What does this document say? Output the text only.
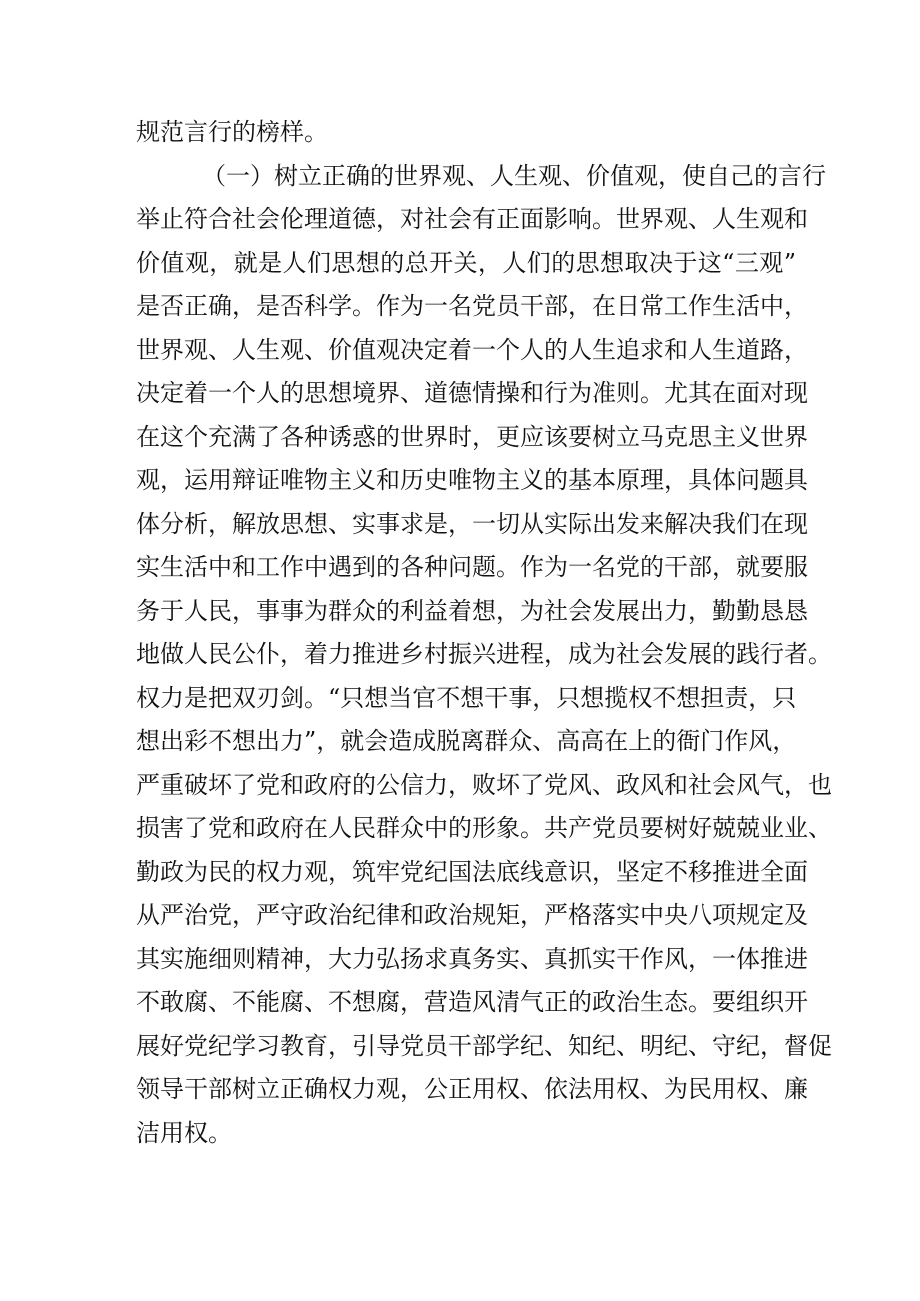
规范言行的榜样。
（一）树立正确的世界观、人生观、价值观，使自己的言行
举止符合社会伦理道德，对社会有正面影响。世界观、人生观和
价值观，就是人们思想的总开关，人们的思想取决于这“三观”
是否正确，是否科学。作为一名党员干部，在日常工作生活中，
世界观、人生观、价值观决定着一个人的人生追求和人生道路，
决定着一个人的思想境界、道德情操和行为准则。尤其在面对现
在这个充满了各种诱惑的世界时，更应该要树立马克思主义世界
观，运用辩证唯物主义和历史唯物主义的基本原理，具体问题具
体分析，解放思想、实事求是，一切从实际出发来解决我们在现
实生活中和工作中遇到的各种问题。作为一名党的干部，就要服
务于人民，事事为群众的利益着想，为社会发展出力，勤勤恳恳
地做人民公仆，着力推进乡村振兴进程，成为社会发展的践行者。
权力是把双刃剑。“只想当官不想干事，只想揽权不想担责，只
想出彩不想出力”，就会造成脱离群众、高高在上的衙门作风，
严重破坏了党和政府的公信力，败坏了党风、政风和社会风气，也
损害了党和政府在人民群众中的形象。共产党员要树好兢兢业业、
勤政为民的权力观，筑牢党纪国法底线意识，坚定不移推进全面
从严治党，严守政治纪律和政治规矩，严格落实中央八项规定及
其实施细则精神，大力弘扬求真务实、真抓实干作风，一体推进
不敢腐、不能腐、不想腐，营造风清气正的政治生态。要组织开
展好党纪学习教育，引导党员干部学纪、知纪、明纪、守纪，督促
领导干部树立正确权力观，公正用权、依法用权、为民用权、廉
洁用权。
